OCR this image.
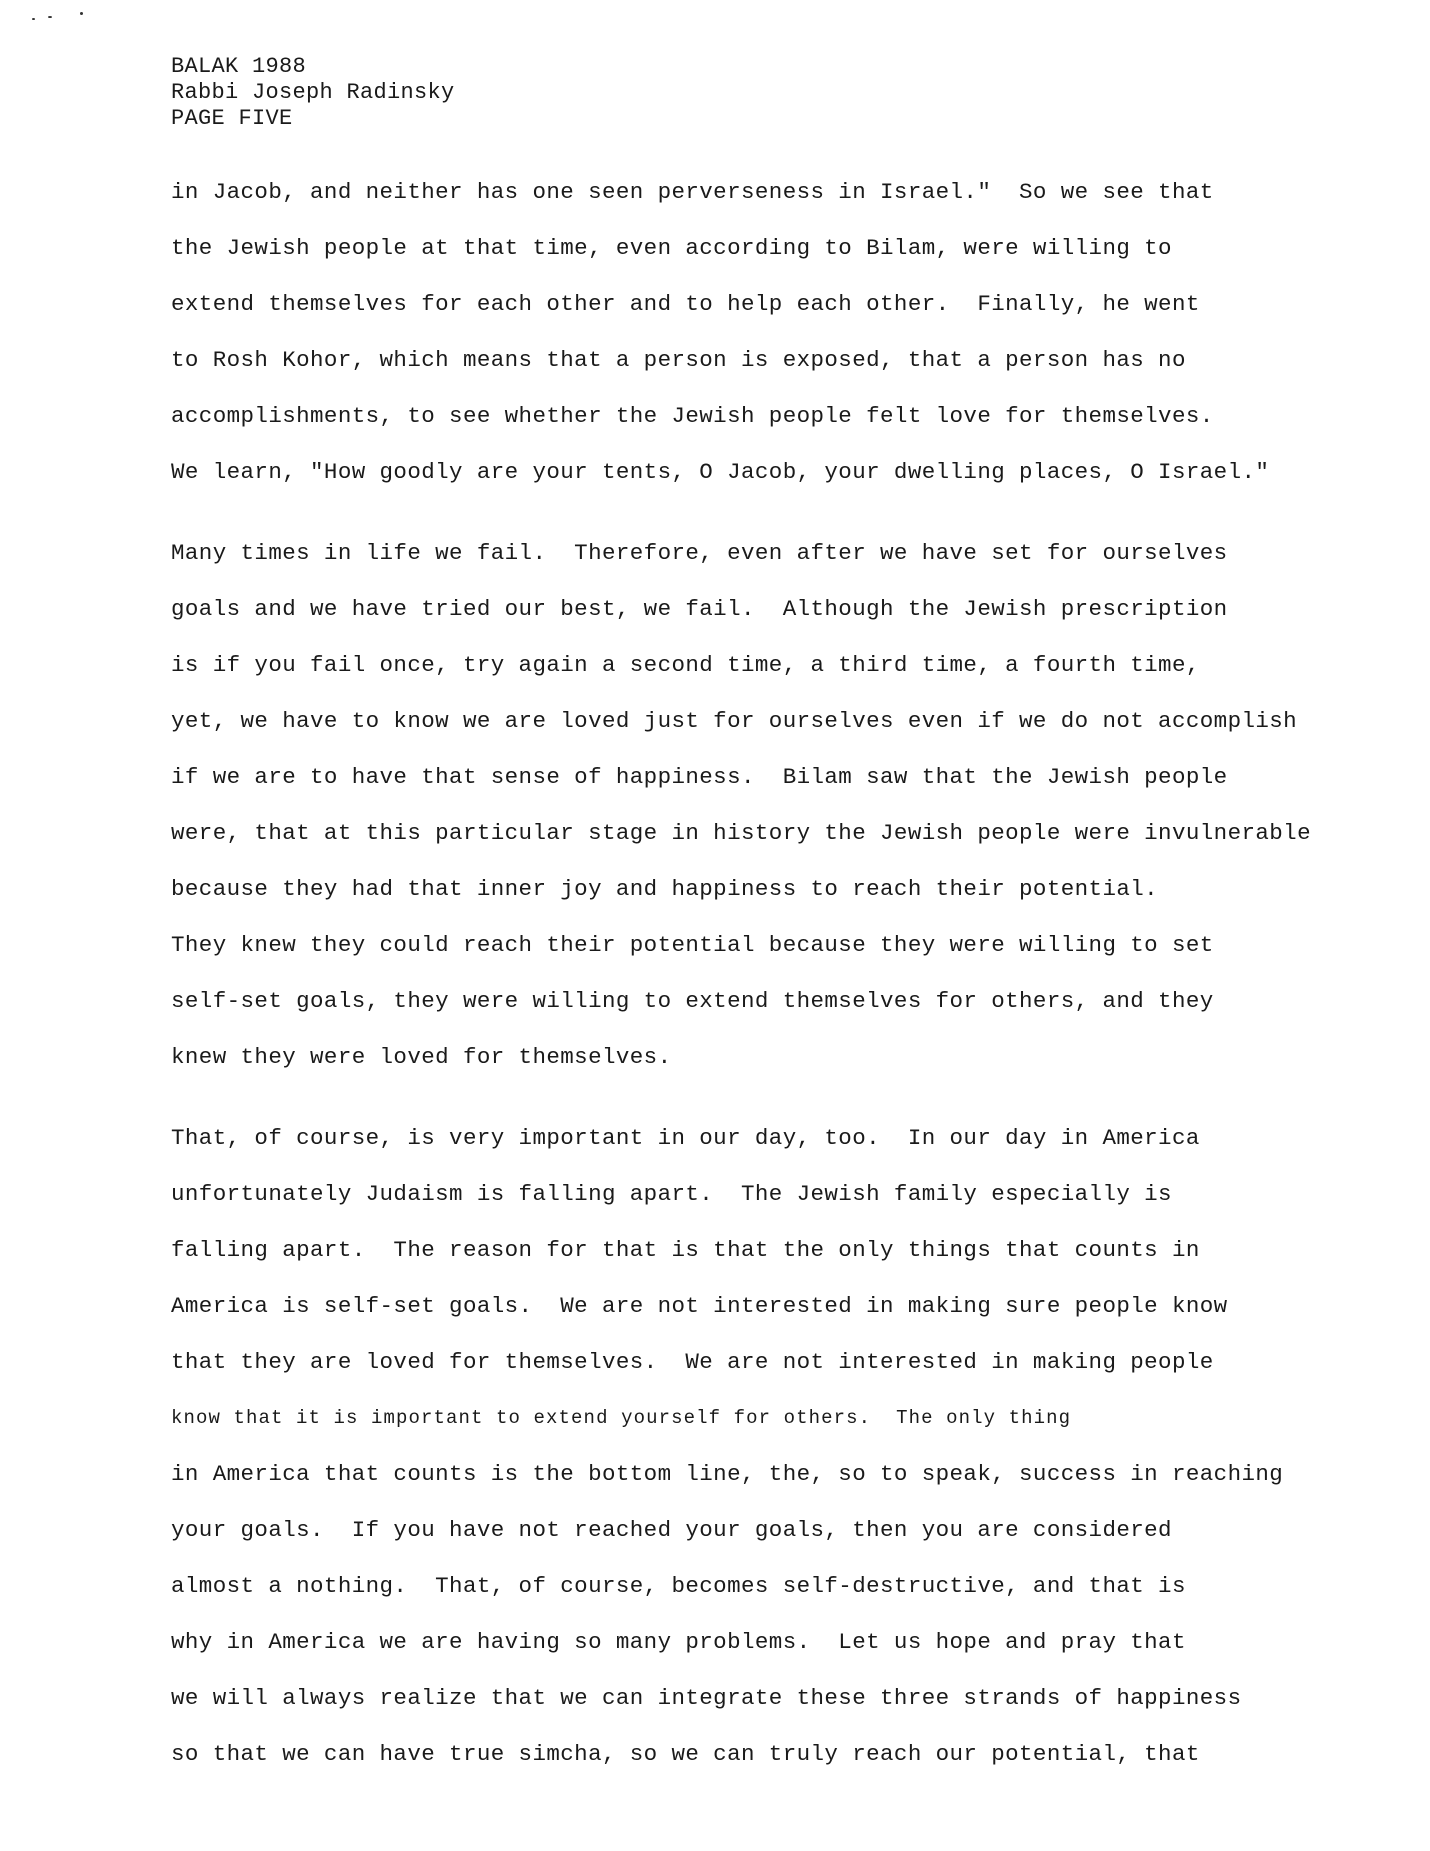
BALAK 1988
Rabbi Joseph Radinsky
PAGE FIVE
in Jacob, and neither has one seen perverseness in Israel."  So we see that
the Jewish people at that time, even according to Bilam, were willing to
extend themselves for each other and to help each other.  Finally, he went
to Rosh Kohor, which means that a person is exposed, that a person has no
accomplishments, to see whether the Jewish people felt love for themselves.
We learn, "How goodly are your tents, O Jacob, your dwelling places, O Israel."
Many times in life we fail.  Therefore, even after we have set for ourselves
goals and we have tried our best, we fail.  Although the Jewish prescription
is if you fail once, try again a second time, a third time, a fourth time,
yet, we have to know we are loved just for ourselves even if we do not accomplish
if we are to have that sense of happiness.  Bilam saw that the Jewish people
were, that at this particular stage in history the Jewish people were invulnerable
because they had that inner joy and happiness to reach their potential.
They knew they could reach their potential because they were willing to set
self-set goals, they were willing to extend themselves for others, and they
knew they were loved for themselves.
That, of course, is very important in our day, too.  In our day in America
unfortunately Judaism is falling apart.  The Jewish family especially is
falling apart.  The reason for that is that the only things that counts in
America is self-set goals.  We are not interested in making sure people know
that they are loved for themselves.  We are not interested in making people
know that it is important to extend yourself for others.  The only thing
in America that counts is the bottom line, the, so to speak, success in reaching
your goals.  If you have not reached your goals, then you are considered
almost a nothing.  That, of course, becomes self-destructive, and that is
why in America we are having so many problems.  Let us hope and pray that
we will always realize that we can integrate these three strands of happiness
so that we can have true simcha, so we can truly reach our potential, that
